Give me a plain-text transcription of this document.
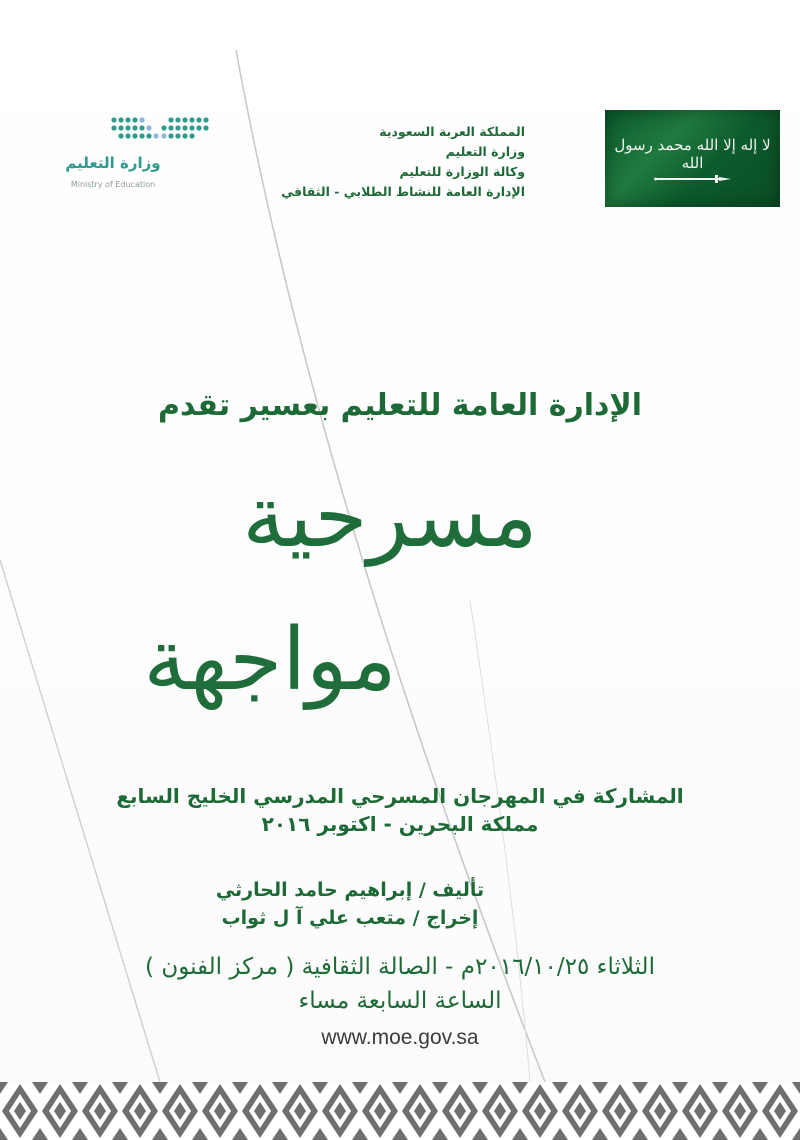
لا إله إلا الله محمد رسول الله
المملكة العربة السعودية
وزارة التعليم
وكالة الوزارة للتعليم
الإدارة العامة للنشاط الطلابي - الثقافي
وزارة التعليم
Ministry of Education
الإدارة العامة للتعليم بعسير تقدم
مسرحية
مواجهة
المشاركة في المهرجان المسرحي المدرسي الخليج السابع
مملكة البحرين - اكتوبر ٢٠١٦
تأليف / إبراهيم حامد الحارثي
إخراج / متعب علي آ ل ثواب
الثلاثاء ٢٠١٦/١٠/٢٥م - الصالة الثقافية ( مركز الفنون )
الساعة السابعة مساء
www.moe.gov.sa
